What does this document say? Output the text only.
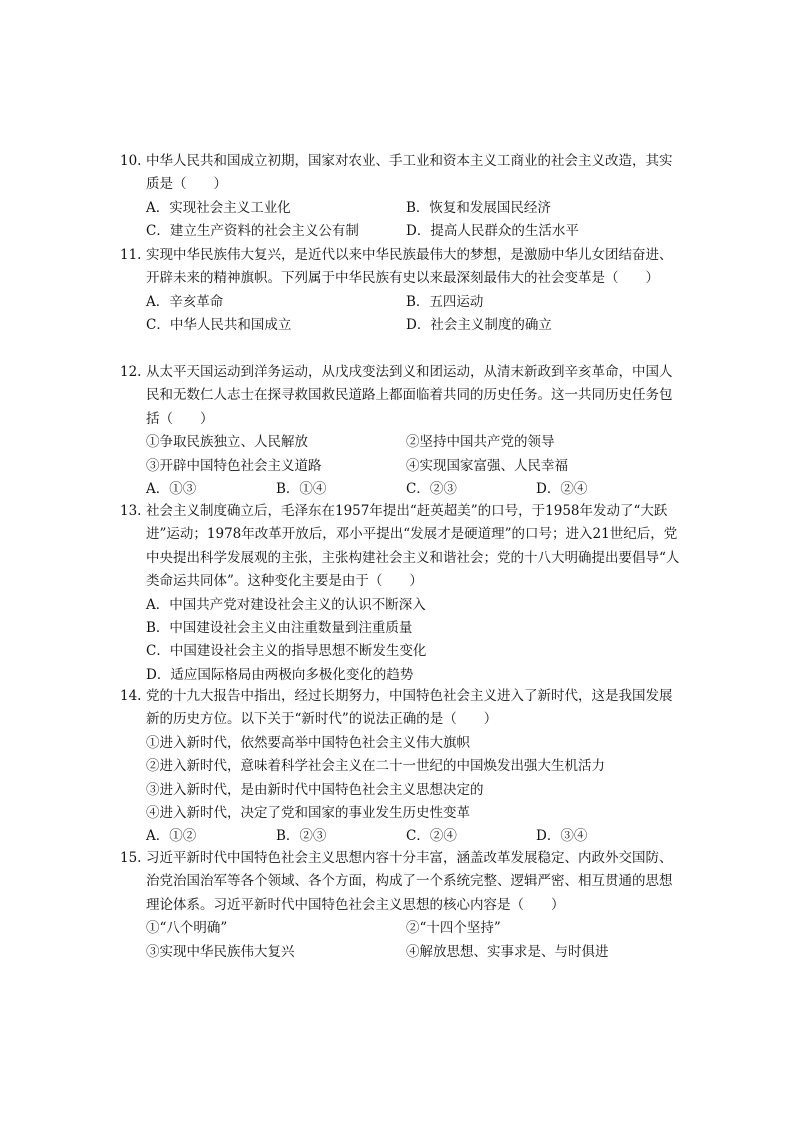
10. 中华人民共和国成立初期，国家对农业、手工业和资本主义工商业的社会主义改造，其实质是（　　）
A．实现社会主义工业化	B．恢复和发展国民经济
C．建立生产资料的社会主义公有制	D．提高人民群众的生活水平
11. 实现中华民族伟大复兴，是近代以来中华民族最伟大的梦想，是激励中华儿女团结奋进、开辟未来的精神旗帜。下列属于中华民族有史以来最深刻最伟大的社会变革是（　　）
A．辛亥革命	B．五四运动
C．中华人民共和国成立	D．社会主义制度的确立
12. 从太平天国运动到洋务运动，从戊戌变法到义和团运动，从清末新政到辛亥革命，中国人民和无数仁人志士在探寻救国救民道路上都面临着共同的历史任务。这一共同历史任务包括（　　）
①争取民族独立、人民解放	②坚持中国共产党的领导
③开辟中国特色社会主义道路	④实现国家富强、人民幸福
A．①③	B．①④	C．②③	D．②④
13. 社会主义制度确立后，毛泽东在1957年提出“赶英超美”的口号，于1958年发动了“大跃进”运动；1978年改革开放后，邓小平提出“发展才是硬道理”的口号；进入21世纪后，党中央提出科学发展观的主张，主张构建社会主义和谐社会；党的十八大明确提出要倡导“人类命运共同体”。这种变化主要是由于（　　）
A．中国共产党对建设社会主义的认识不断深入
B．中国建设社会主义由注重数量到注重质量
C．中国建设社会主义的指导思想不断发生变化
D．适应国际格局由两极向多极化变化的趋势
14. 党的十九大报告中指出，经过长期努力，中国特色社会主义进入了新时代，这是我国发展新的历史方位。以下关于“新时代”的说法正确的是（　　）
①进入新时代，依然要高举中国特色社会主义伟大旗帜
②进入新时代，意味着科学社会主义在二十一世纪的中国焕发出强大生机活力
③进入新时代，是由新时代中国特色社会主义思想决定的
④进入新时代，决定了党和国家的事业发生历史性变革
A．①②	B．②③	C．②④	D．③④
15. 习近平新时代中国特色社会主义思想内容十分丰富，涵盖改革发展稳定、内政外交国防、治党治国治军等各个领域、各个方面，构成了一个系统完整、逻辑严密、相互贯通的思想理论体系。习近平新时代中国特色社会主义思想的核心内容是（　　）
①“八个明确”	②“十四个坚持”
③实现中华民族伟大复兴	④解放思想、实事求是、与时俱进
